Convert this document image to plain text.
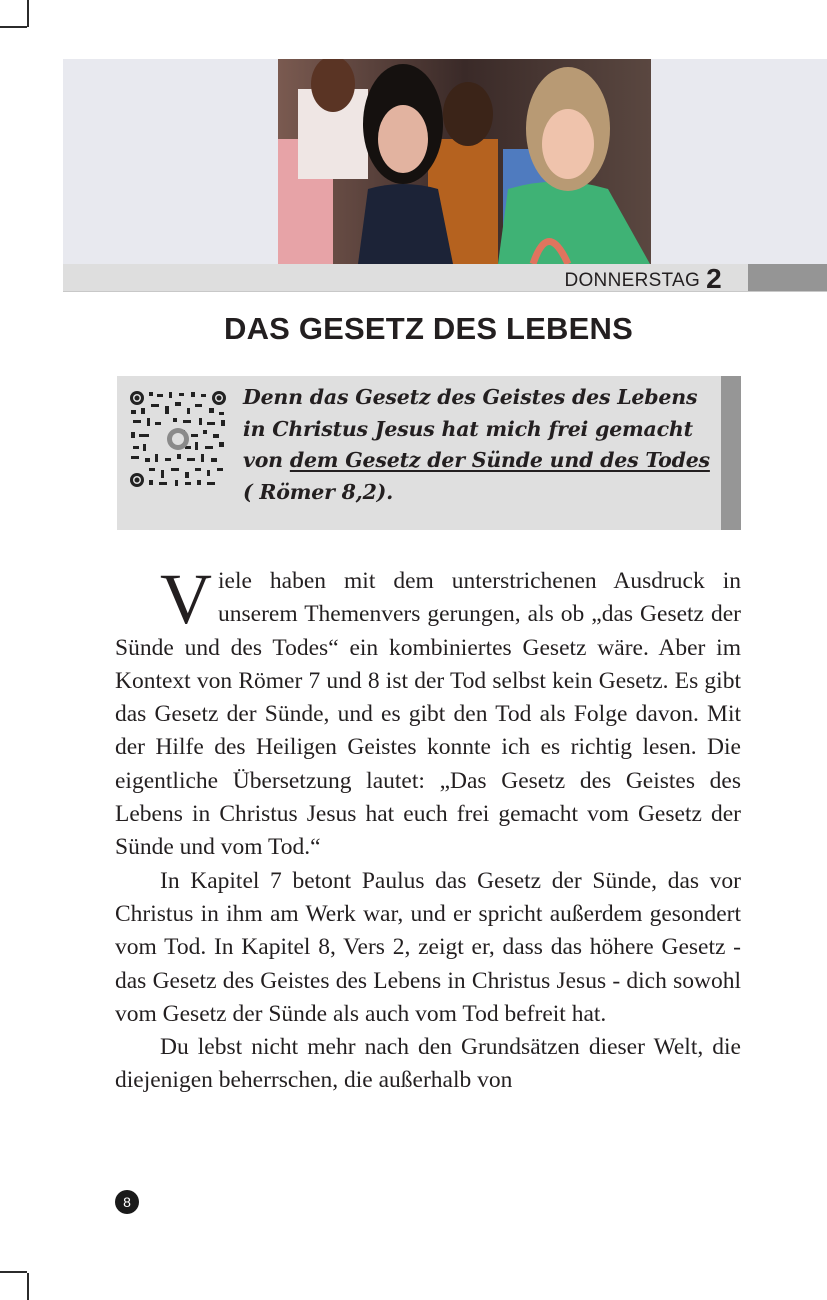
DONNERSTAG 2
DAS GESETZ DES LEBENS
Denn das Gesetz des Geistes des Lebens in Christus Jesus hat mich frei gemacht von dem Gesetz der Sünde und des Todes
( Römer 8,2).

Viele haben mit dem unterstrichenen Ausdruck in unserem Themenvers gerungen, als ob „das Gesetz der Sünde und des Todes“ ein kombiniertes Gesetz wäre. Aber im Kontext von Römer 7 und 8 ist der Tod selbst kein Gesetz. Es gibt das Gesetz der Sünde, und es gibt den Tod als Folge davon. Mit der Hilfe des Heiligen Geistes konnte ich es richtig lesen. Die eigentliche Übersetzung lautet: „Das Gesetz des Geistes des Lebens in Christus Jesus hat euch frei gemacht vom Gesetz der Sünde und vom Tod.“

In Kapitel 7 betont Paulus das Gesetz der Sünde, das vor Christus in ihm am Werk war, und er spricht außerdem gesondert vom Tod. In Kapitel 8, Vers 2, zeigt er, dass das höhere Gesetz - das Gesetz des Geistes des Lebens in Christus Jesus - dich sowohl vom Gesetz der Sünde als auch vom Tod befreit hat.

Du lebst nicht mehr nach den Grundsätzen dieser Welt, die diejenigen beherrschen, die außerhalb von

8
